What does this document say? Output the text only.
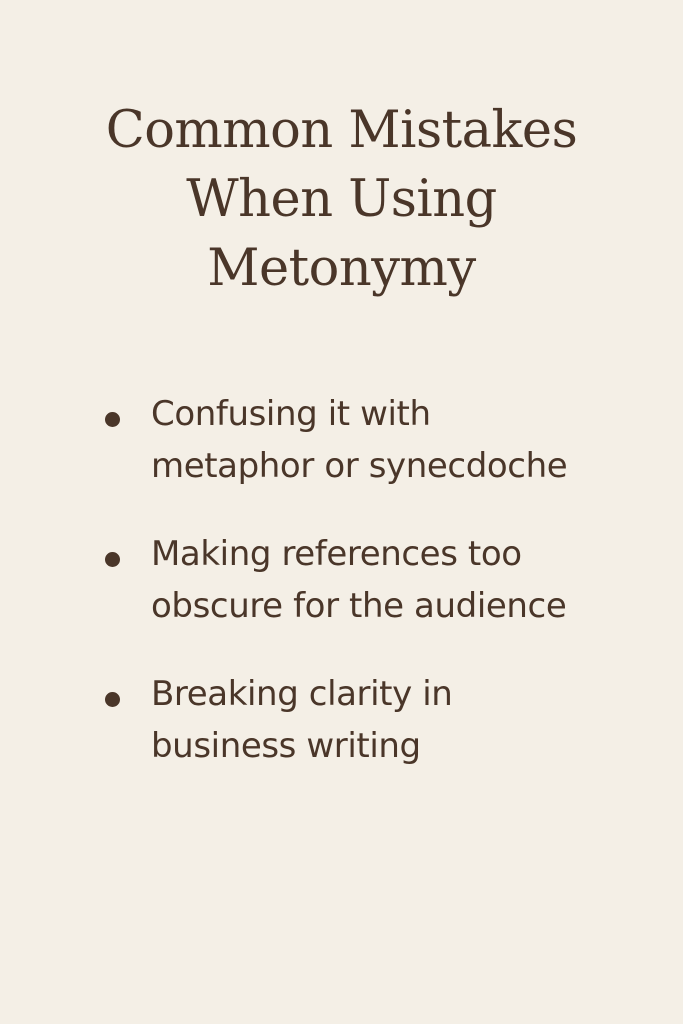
Common Mistakes
When Using
Metonymy
Confusing it with
metaphor or synecdoche
Making references too
obscure for the audience
Breaking clarity in
business writing
